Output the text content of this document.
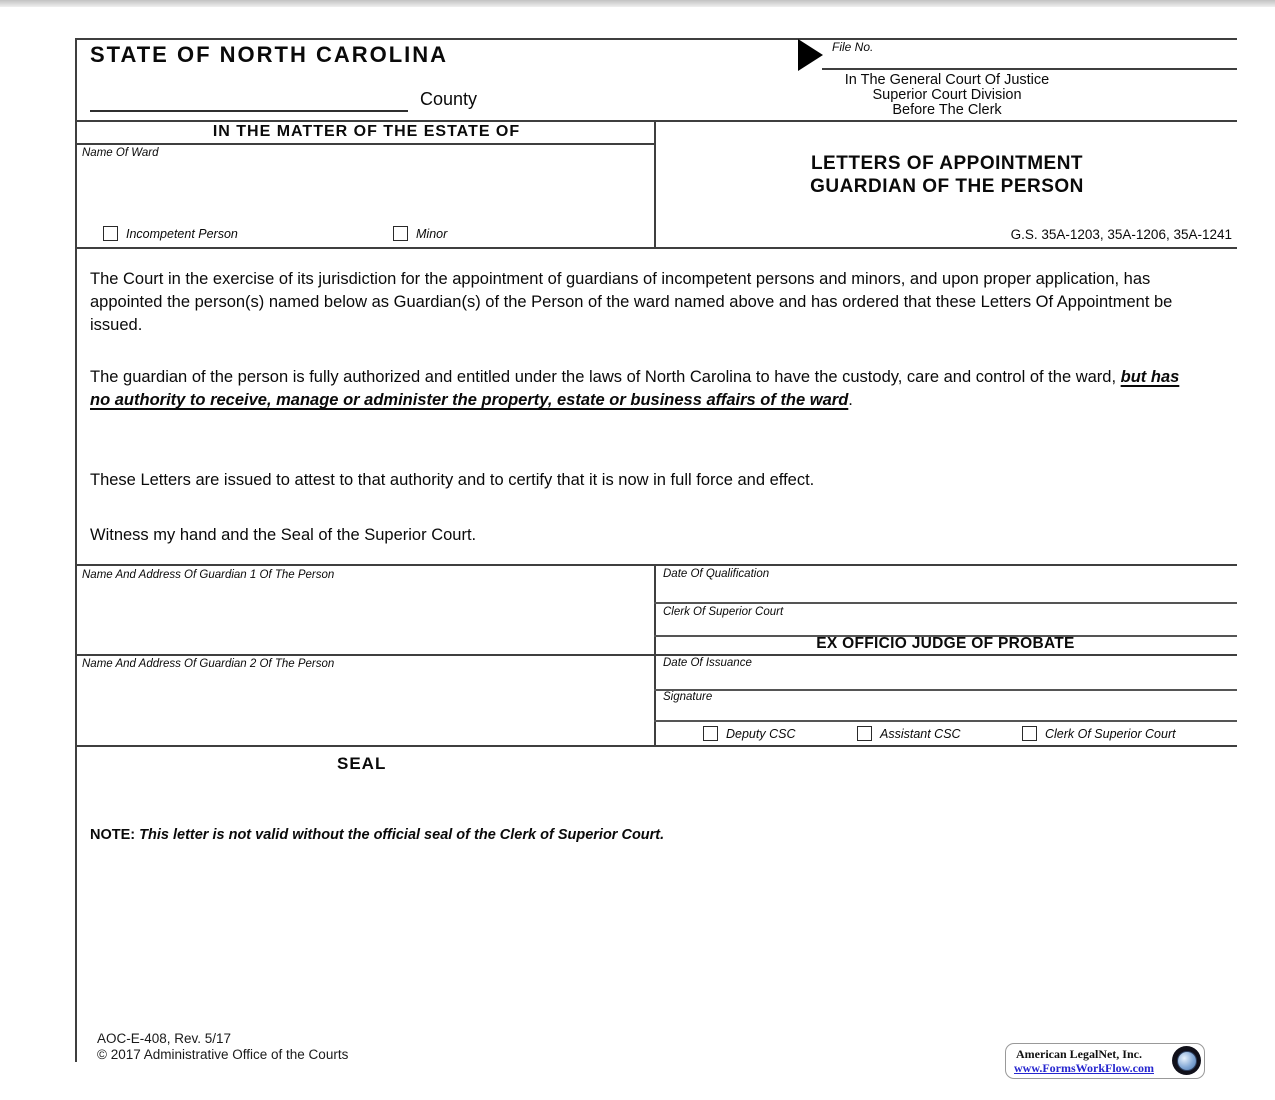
STATE OF NORTH CAROLINA
County
File No.
In The General Court Of Justice
Superior Court Division
Before The Clerk
IN THE MATTER OF THE ESTATE OF
Name Of Ward
Incompetent Person	Minor
LETTERS OF APPOINTMENT
GUARDIAN OF THE PERSON
G.S. 35A-1203, 35A-1206, 35A-1241
The Court in the exercise of its jurisdiction for the appointment of guardians of incompetent persons and minors, and upon proper application, has appointed the person(s) named below as Guardian(s) of the Person of the ward named above and has ordered that these Letters Of Appointment be issued.
The guardian of the person is fully authorized and entitled under the laws of North Carolina to have the custody, care and control of the ward, but has no authority to receive, manage or administer the property, estate or business affairs of the ward.
These Letters are issued to attest to that authority and to certify that it is now in full force and effect.
Witness my hand and the Seal of the Superior Court.
Name And Address Of Guardian 1 Of The Person
Name And Address Of Guardian 2 Of The Person
Date Of Qualification
Clerk Of Superior Court
EX OFFICIO JUDGE OF PROBATE
Date Of Issuance
Signature
Deputy CSC	Assistant CSC	Clerk Of Superior Court
SEAL
NOTE: This letter is not valid without the official seal of the Clerk of Superior Court.
AOC-E-408, Rev. 5/17
© 2017 Administrative Office of the Courts	American LegalNet, Inc.
www.FormsWorkFlow.com
